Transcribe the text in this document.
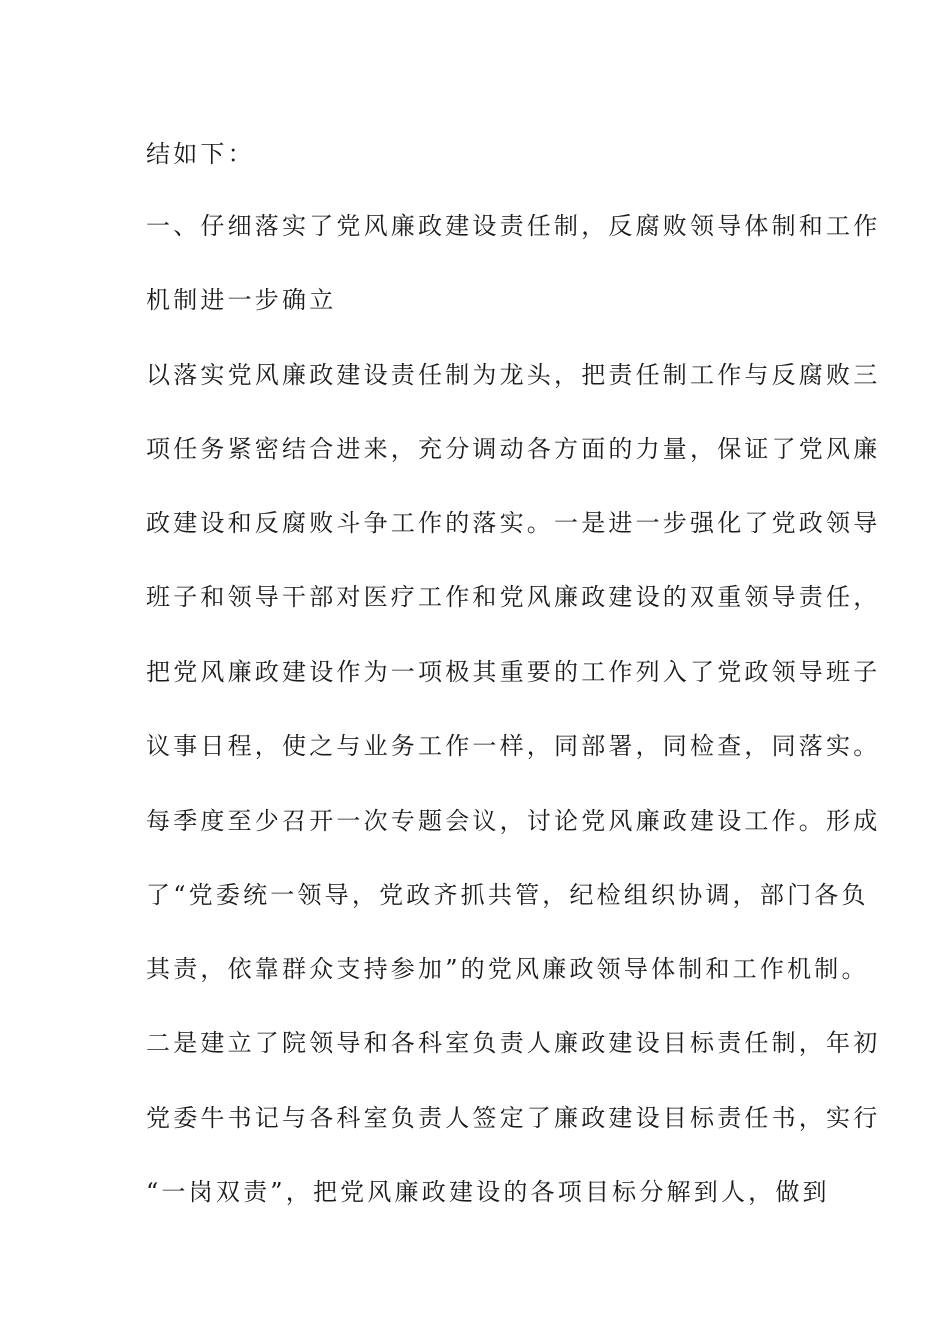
结如下：
一、仔细落实了党风廉政建设责任制，反腐败领导体制和工作
机制进一步确立
以落实党风廉政建设责任制为龙头，把责任制工作与反腐败三
项任务紧密结合进来，充分调动各方面的力量，保证了党风廉
政建设和反腐败斗争工作的落实。一是进一步强化了党政领导
班子和领导干部对医疗工作和党风廉政建设的双重领导责任，
把党风廉政建设作为一项极其重要的工作列入了党政领导班子
议事日程，使之与业务工作一样，同部署，同检查，同落实。
每季度至少召开一次专题会议，讨论党风廉政建设工作。形成
了“党委统一领导，党政齐抓共管，纪检组织协调，部门各负
其责，依靠群众支持参加”的党风廉政领导体制和工作机制。
二是建立了院领导和各科室负责人廉政建设目标责任制，年初
党委牛书记与各科室负责人签定了廉政建设目标责任书，实行
“一岗双责”，把党风廉政建设的各项目标分解到人，做到
